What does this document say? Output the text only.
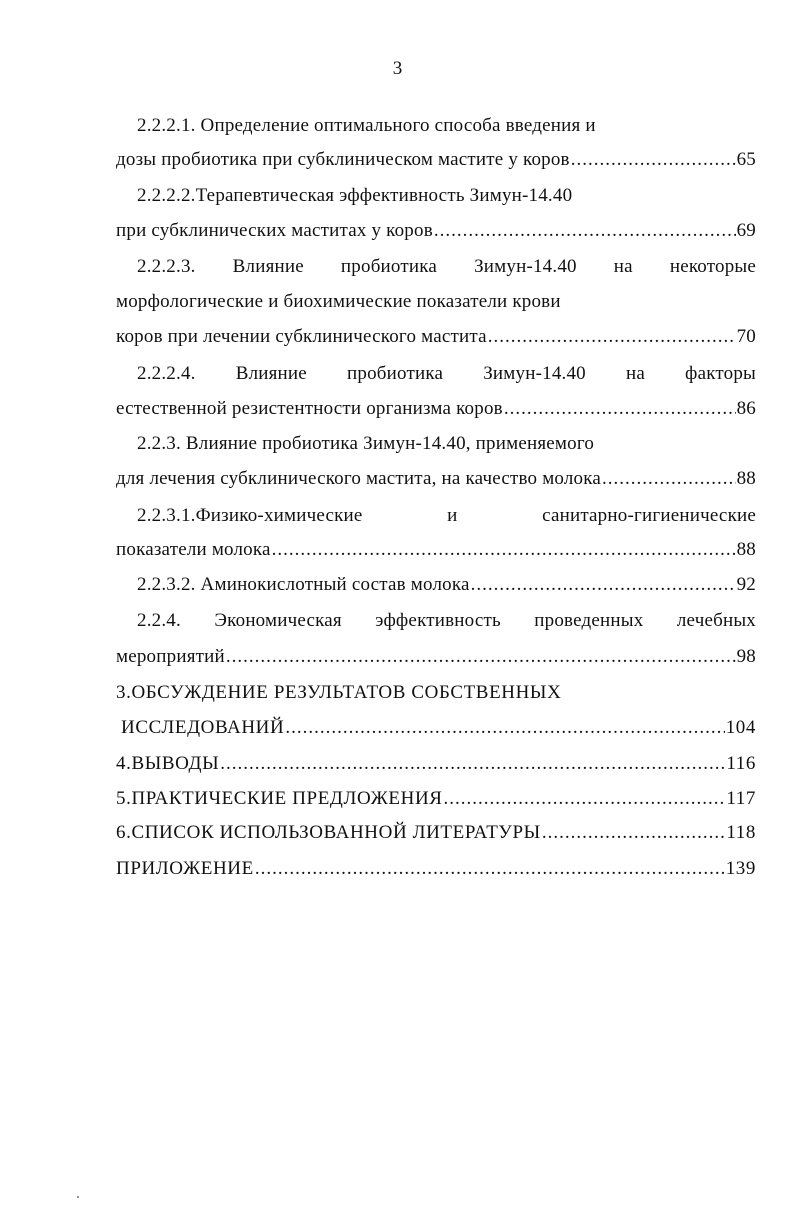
3
2.2.2.1. Определение оптимального способа введения и
дозы пробиотика при субклиническом мастите у коров .....	65
2.2.2.2.Терапевтическая эффективность Зимун-14.40
при субклинических маститах у коров .....	69
2.2.2.3. Влияние пробиотика Зимун-14.40 на некоторые
морфологические и биохимические показатели крови
коров при лечении субклинического мастита .....	70
2.2.2.4. Влияние пробиотика Зимун-14.40 на факторы
естественной резистентности организма коров .....	86
2.2.3. Влияние пробиотика Зимун-14.40, применяемого
для лечения субклинического мастита, на качество молока .....	88
2.2.3.1.Физико-химические и санитарно-гигиенические
показатели молока .....	88
2.2.3.2. Аминокислотный состав молока .....	92
2.2.4. Экономическая эффективность проведенных лечебных
мероприятий .....	98
3.ОБСУЖДЕНИЕ РЕЗУЛЬТАТОВ СОБСТВЕННЫХ
ИССЛЕДОВАНИЙ .....	104
4.ВЫВОДЫ .....	116
5.ПРАКТИЧЕСКИЕ ПРЕДЛОЖЕНИЯ .....	117
6.СПИСОК ИСПОЛЬЗОВАННОЙ ЛИТЕРАТУРЫ .....	118
ПРИЛОЖЕНИЕ .....	139
